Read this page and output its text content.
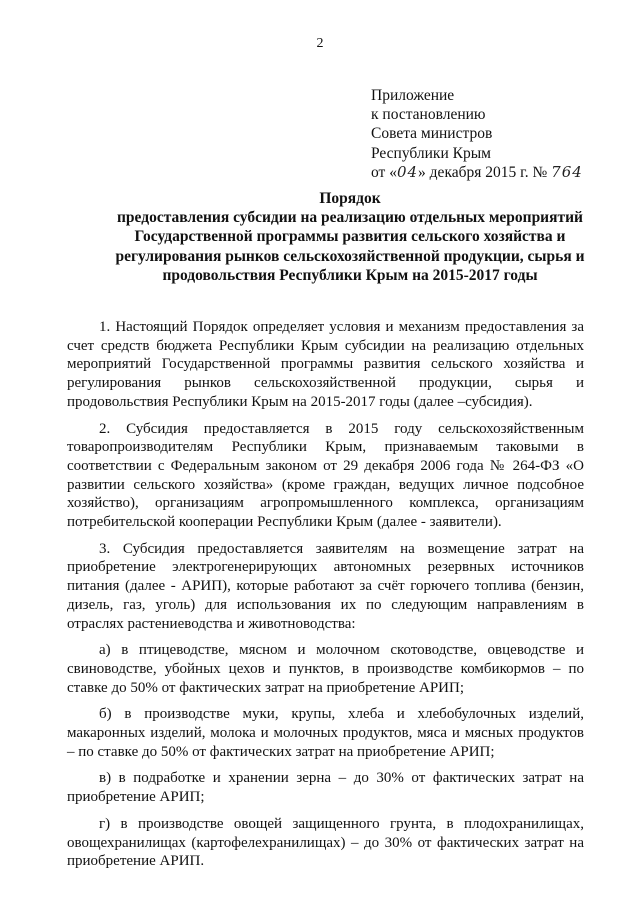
2
Приложение
к постановлению
Совета министров
Республики Крым
от «04» декабря 2015 г. № 764
Порядок
предоставления субсидии на реализацию отдельных мероприятий
Государственной программы развития сельского хозяйства и
регулирования рынков сельскохозяйственной продукции, сырья и
продовольствия Республики Крым на 2015-2017 годы

1. Настоящий Порядок определяет условия и механизм предоставления за счет средств бюджета Республики Крым субсидии на реализацию отдельных мероприятий Государственной программы развития сельского хозяйства и регулирования рынков сельскохозяйственной продукции, сырья и продовольствия Республики Крым на 2015-2017 годы (далее –субсидия).

2. Субсидия предоставляется в 2015 году сельскохозяйственным товаропроизводителям Республики Крым, признаваемым таковыми в соответствии с Федеральным законом от 29 декабря 2006 года № 264-ФЗ «О развитии сельского хозяйства» (кроме граждан, ведущих личное подсобное хозяйство), организациям агропромышленного комплекса, организациям потребительской кооперации Республики Крым (далее - заявители).

3. Субсидия предоставляется заявителям на возмещение затрат на приобретение электрогенерирующих автономных резервных источников питания (далее - АРИП), которые работают за счёт горючего топлива (бензин, дизель, газ, уголь) для использования их по следующим направлениям в отраслях растениеводства и животноводства:

а) в птицеводстве, мясном и молочном скотоводстве, овцеводстве и свиноводстве, убойных цехов и пунктов, в производстве комбикормов – по ставке до 50% от фактических затрат на приобретение АРИП;

б) в производстве муки, крупы, хлеба и хлебобулочных изделий, макаронных изделий, молока и молочных продуктов, мяса и мясных продуктов – по ставке до 50% от фактических затрат на приобретение АРИП;

в) в подработке и хранении зерна – до 30% от фактических затрат на приобретение АРИП;

г) в производстве овощей защищенного грунта, в плодохранилищах, овощехранилищах (картофелехранилищах) – до 30% от фактических затрат на приобретение АРИП.
